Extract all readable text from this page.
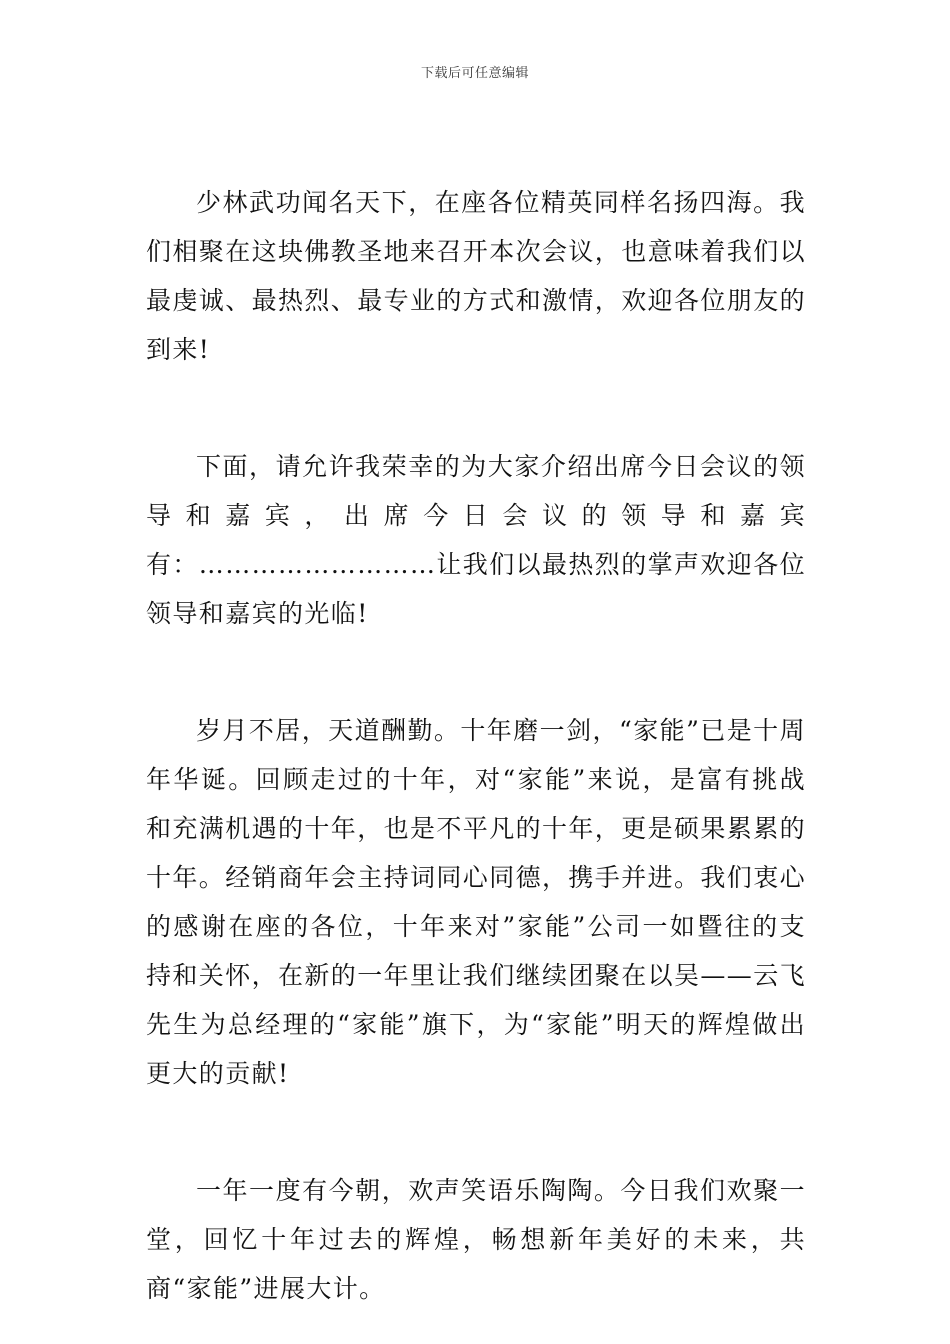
下载后可任意编辑

少林武功闻名天下，在座各位精英同样名扬四海。我们相聚在这块佛教圣地来召开本次会议，也意味着我们以最虔诚、最热烈、最专业的方式和激情，欢迎各位朋友的到来!

下面，请允许我荣幸的为大家介绍出席今日会议的领导和嘉宾，出席今日会议的领导和嘉宾有：………………………让我们以最热烈的掌声欢迎各位领导和嘉宾的光临!

岁月不居，天道酬勤。十年磨一剑，“家能”已是十周年华诞。回顾走过的十年，对“家能”来说，是富有挑战和充满机遇的十年，也是不平凡的十年，更是硕果累累的十年。经销商年会主持词同心同德，携手并进。我们衷心的感谢在座的各位，十年来对”家能”公司一如暨往的支持和关怀，在新的一年里让我们继续团聚在以吴——云飞先生为总经理的“家能”旗下，为“家能”明天的辉煌做出更大的贡献!

一年一度有今朝，欢声笑语乐陶陶。今日我们欢聚一堂，回忆十年过去的辉煌，畅想新年美好的未来，共商“家能”进展大计。
